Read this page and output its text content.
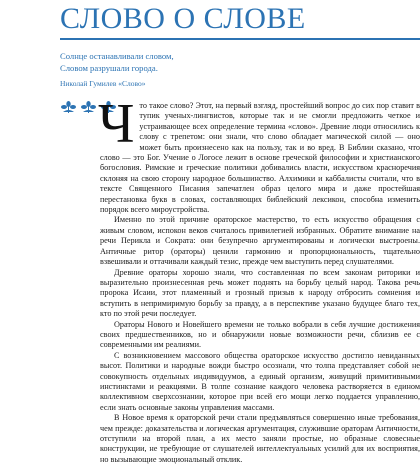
СЛОВО О СЛОВЕ
Солнце останавливали словом,
Словом разрушали города.
Николай Гумилев «Слово»

Что такое слово? Этот, на первый взгляд, простейший вопрос до сих пор ставит в тупик ученых-лингвистов, которые так и не смогли предложить четкое и устраивающее всех определение термина «слово». Древние люди относились к слову с трепетом: они знали, что слово обладает магической силой — оно может быть произнесено как на пользу, так и во вред. В Библии сказано, что слово — это Бог. Учение о Логосе лежит в основе греческой философии и христианского богословия. Римские и греческие политики добивались власти, искусством красноречия склоняя на свою сторону народное большинство. Алхимики и каббалисты считали, что в тексте Священного Писания запечатлен образ целого мира и даже простейшая перестановка букв в словах, составляющих библейский лексикон, способна изменить порядок всего мироустройства.

Именно по этой причине ораторское мастерство, то есть искусство обращения с живым словом, испокон веков считалось привилегией избранных. Обратите внимание на речи Перикла и Сократа: они безупречно аргументированы и логически выстроены. Античные ритор (ораторы) ценили гармонию и пропорциональность, тщательно взвешивали и оттачивали каждый тезис, прежде чем выступить перед слушателями.

Древние ораторы хорошо знали, что составленная по всем законам риторики и выразительно произнесенная речь может поднять на борьбу целый народ. Такова речь пророка Исаии, этот пламенный и грозный призыв к народу отбросить сомнения и вступить в непримиримую борьбу за правду, а в перспективе указано будущее благо тех, кто по этой речи последует.

Ораторы Нового и Новейшего времени не только вобрали в себя лучшие достижения своих предшественников, но и обнаружили новые возможности речи, сблизив ее с современными им реалиями.

С возникновением массового общества ораторское искусство достигло невиданных высот. Политики и народные вожди быстро осознали, что толпа представляет собой не совокупность отдельных индивидуумов, а единый организм, живущий примитивными инстинктами и реакциями. В толпе сознание каждого человека растворяется в едином коллективном сверхсознании, которое при всей его мощи легко поддается управлению, если знать основные законы управления массами.

В Новое время к ораторской речи стали предъявляться совершенно иные требования, чем прежде: доказательства и логическая аргументация, служившие ораторам Античности, отступили на второй план, а их место заняли простые, но образные словесные конструкции, не требующие от слушателей интеллектуальных усилий для их восприятия, но вызывающие эмоциональный отклик.
